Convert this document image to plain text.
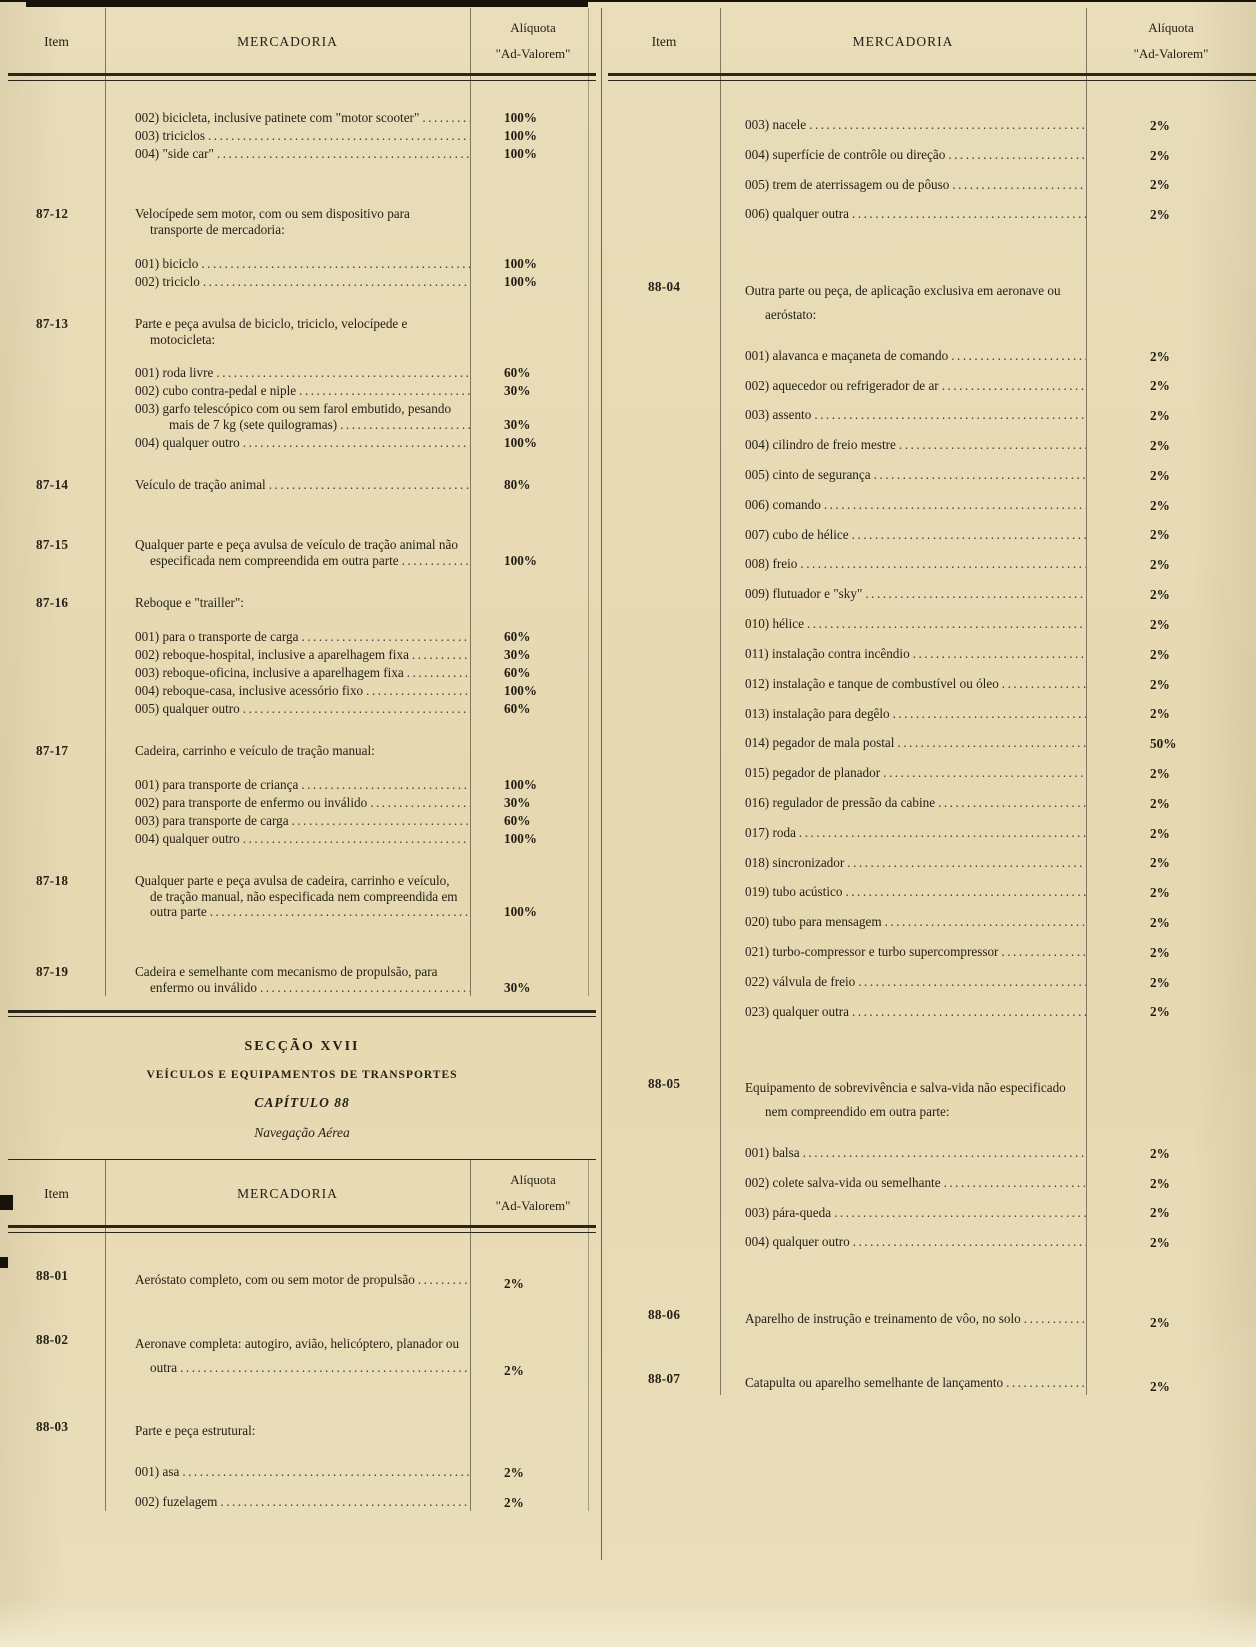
Item	MERCADORIA
Alíquota
"Ad-Valorem"
002) bicicleta, inclusive patinete com "motor scooter" .....	100%
003) triciclos .....	100%
004) "side car" .....	100%
87-12	Velocípede sem motor, com ou sem dispositivo para transporte de mercadoria:
001) biciclo .....	100%
002) triciclo .....	100%
87-13	Parte e peça avulsa de biciclo, triciclo, velocípede e motocicleta:
001) roda livre .....	60%
002) cubo contra-pedal e niple .....	30%
003) garfo telescópico com ou sem farol embutido, pesando mais de 7 kg (sete quilogramas) .....	30%
004) qualquer outro .....	100%
87-14	Veículo de tração animal .....	80%
87-15	Qualquer parte e peça avulsa de veículo de tração animal não especificada nem compreendida em outra parte .....	100%
87-16	Reboque e "trailler":
001) para o transporte de carga .....	60%
002) reboque-hospital, inclusive a aparelhagem fixa .....	30%
003) reboque-oficina, inclusive a aparelhagem fixa .....	60%
004) reboque-casa, inclusive acessório fixo .....	100%
005) qualquer outro .....	60%
87-17	Cadeira, carrinho e veículo de tração manual:
001) para transporte de criança .....	100%
002) para transporte de enfermo ou inválido .....	30%
003) para transporte de carga .....	60%
004) qualquer outro .....	100%
87-18	Qualquer parte e peça avulsa de cadeira, carrinho e veículo, de tração manual, não especificada nem compreendida em outra parte .....	100%
87-19	Cadeira e semelhante com mecanismo de propulsão, para enfermo ou inválido .....	30%
SECÇÃO XVII
VEÍCULOS E EQUIPAMENTOS DE TRANSPORTES
CAPÍTULO 88
Navegação Aérea
Item	MERCADORIA
Alíquota
"Ad-Valorem"
88-01	Aeróstato completo, com ou sem motor de propulsão .....	2%
88-02	Aeronave completa: autogiro, avião, helicóptero, planador ou outra .....	2%
88-03	Parte e peça estrutural:
001) asa .....	2%
002) fuzelagem .....	2%
Item	MERCADORIA
Alíquota
"Ad-Valorem"
003) nacele .....	2%
004) superfície de contrôle ou direção .....	2%
005) trem de aterrissagem ou de pôuso .....	2%
006) qualquer outra .....	2%
88-04	Outra parte ou peça, de aplicação exclusiva em aeronave ou aeróstato:
001) alavanca e maçaneta de comando .....	2%
002) aquecedor ou refrigerador de ar .....	2%
003) assento .....	2%
004) cilindro de freio mestre .....	2%
005) cinto de segurança .....	2%
006) comando .....	2%
007) cubo de hélice .....	2%
008) freio .....	2%
009) flutuador e "sky" .....	2%
010) hélice .....	2%
011) instalação contra incêndio .....	2%
012) instalação e tanque de combustível ou óleo .....	2%
013) instalação para degêlo .....	2%
014) pegador de mala postal .....	50%
015) pegador de planador .....	2%
016) regulador de pressão da cabine .....	2%
017) roda .....	2%
018) sincronizador .....	2%
019) tubo acústico .....	2%
020) tubo para mensagem .....	2%
021) turbo-compressor e turbo supercompressor .....	2%
022) válvula de freio .....	2%
023) qualquer outra .....	2%
88-05	Equipamento de sobrevivência e salva-vida não especificado nem compreendido em outra parte:
001) balsa .....	2%
002) colete salva-vida ou semelhante .....	2%
003) pára-queda .....	2%
004) qualquer outro .....	2%
88-06	Aparelho de instrução e treinamento de vôo, no solo .....	2%
88-07	Catapulta ou aparelho semelhante de lançamento .....	2%
